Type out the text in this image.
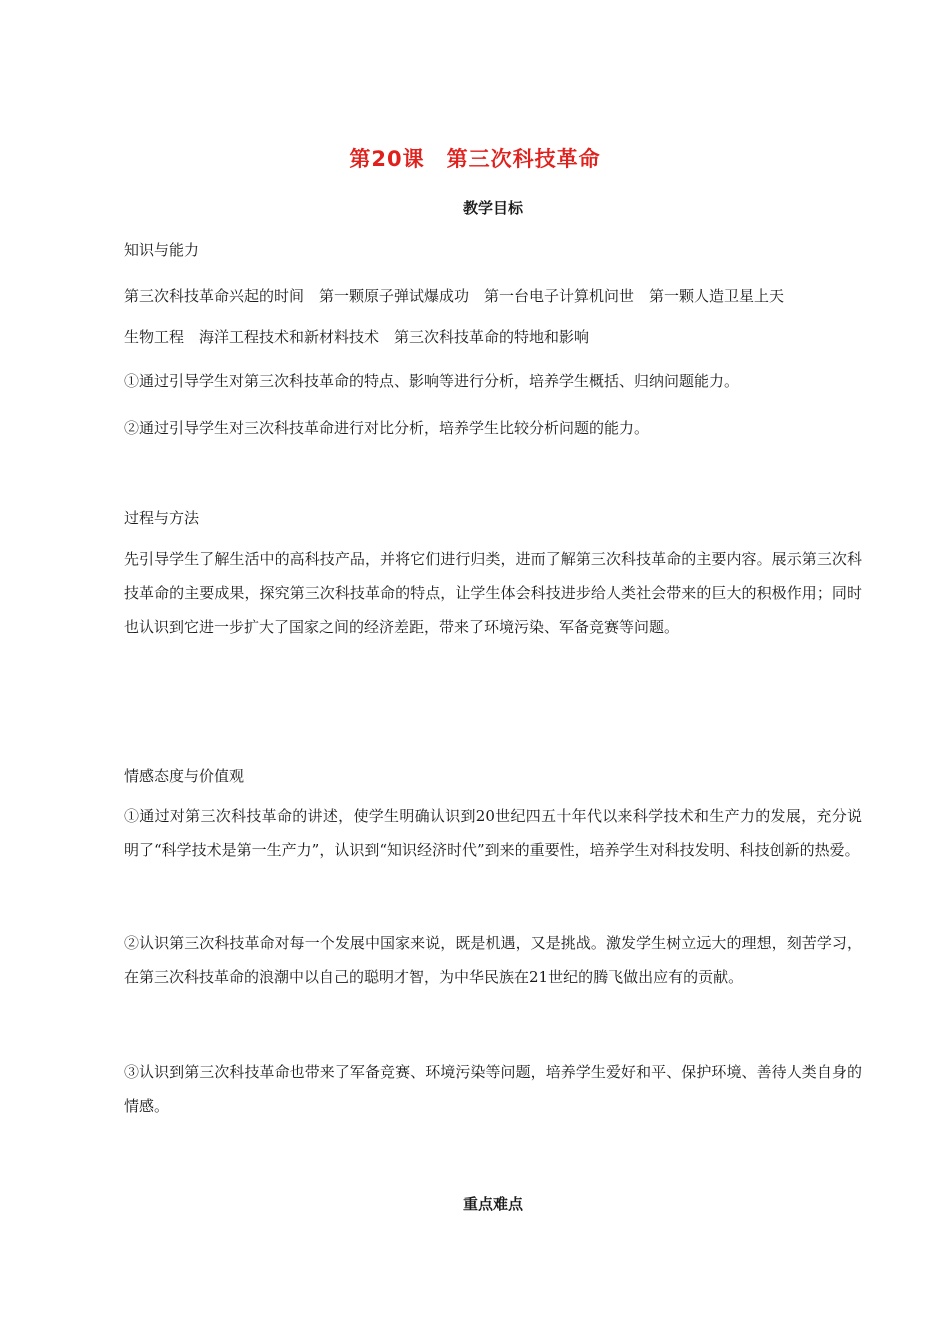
第20课　第三次科技革命
教学目标
知识与能力
第三次科技革命兴起的时间　第一颗原子弹试爆成功　第一台电子计算机问世　第一颗人造卫星上天
生物工程　海洋工程技术和新材料技术　第三次科技革命的特地和影响
①通过引导学生对第三次科技革命的特点、影响等进行分析，培养学生概括、归纳问题能力。
②通过引导学生对三次科技革命进行对比分析，培养学生比较分析问题的能力。
过程与方法
先引导学生了解生活中的高科技产品，并将它们进行归类，进而了解第三次科技革命的主要内容。展示第三次科技革命的主要成果，探究第三次科技革命的特点，让学生体会科技进步给人类社会带来的巨大的积极作用；同时也认识到它进一步扩大了国家之间的经济差距，带来了环境污染、军备竞赛等问题。
情感态度与价值观
①通过对第三次科技革命的讲述，使学生明确认识到20世纪四五十年代以来科学技术和生产力的发展，充分说明了“科学技术是第一生产力”，认识到“知识经济时代”到来的重要性，培养学生对科技发明、科技创新的热爱。
②认识第三次科技革命对每一个发展中国家来说，既是机遇，又是挑战。激发学生树立远大的理想，刻苦学习，在第三次科技革命的浪潮中以自己的聪明才智，为中华民族在21世纪的腾飞做出应有的贡献。
③认识到第三次科技革命也带来了军备竞赛、环境污染等问题，培养学生爱好和平、保护环境、善待人类自身的情感。
重点难点
